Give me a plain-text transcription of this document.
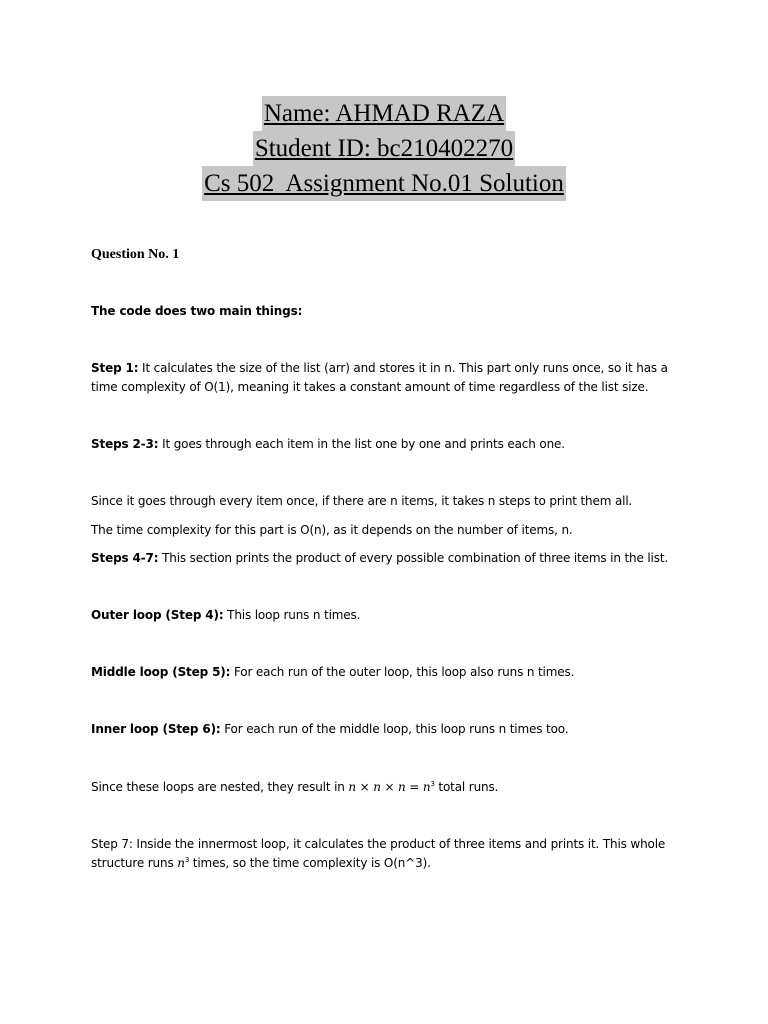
Name: AHMAD RAZA
Student ID: bc210402270
Cs 502  Assignment No.01 Solution
Question No. 1
The code does two main things:
Step 1: It calculates the size of the list (arr) and stores it in n. This part only runs once, so it has a time complexity of O(1), meaning it takes a constant amount of time regardless of the list size.
Steps 2-3: It goes through each item in the list one by one and prints each one.
Since it goes through every item once, if there are n items, it takes n steps to print them all.
The time complexity for this part is O(n), as it depends on the number of items, n.
Steps 4-7: This section prints the product of every possible combination of three items in the list.
Outer loop (Step 4): This loop runs n times.
Middle loop (Step 5): For each run of the outer loop, this loop also runs n times.
Inner loop (Step 6): For each run of the middle loop, this loop runs n times too.
Since these loops are nested, they result in $n \times n \times n = n^3$ total runs.
Step 7: Inside the innermost loop, it calculates the product of three items and prints it. This whole structure runs $n^3$ times, so the time complexity is O(n^3).
